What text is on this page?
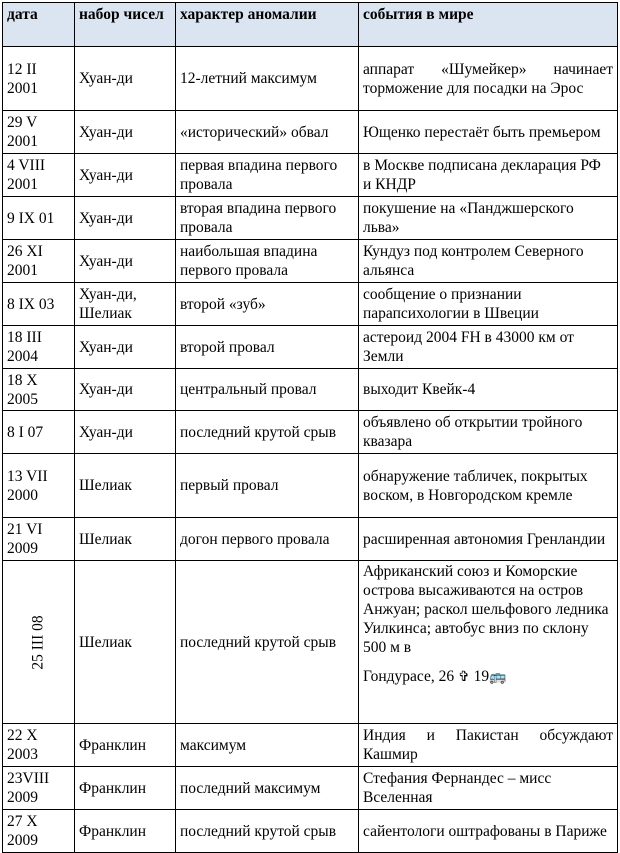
дата	набор чисел	характер аномалии	события в мире
12 II 2001	Хуан-ди	12-летний максимум	аппарат «Шумейкер» начинает торможение для посадки на Эрос
29 V 2001	Хуан-ди	«исторический» обвал	Ющенко перестаёт быть премьером
4 VIII 2001	Хуан-ди	первая впадина первого провала	в Москве подписана декларация РФ и КНДР
9 IX 01	Хуан-ди	вторая впадина первого провала	покушение на «Панджшерского льва»
26 XI 2001	Хуан-ди	наибольшая впадина первого провала	Кундуз под контролем Северного альянса
8 IX 03	Хуан-ди, Шелиак	второй «зуб»	сообщение о признании парапсихологии в Швеции
18 III 2004	Хуан-ди	второй провал	астероид 2004 FH в 43000 км от Земли
18 X 2005	Хуан-ди	центральный провал	выходит Квейк-4
8 I 07	Хуан-ди	последний крутой срыв	объявлено об открытии тройного квазара
13 VII 2000	Шелиак	первый провал	обнаружение табличек, покрытых воском, в Новгородском кремле
21 VI 2009	Шелиак	догон первого провала	расширенная автономия Гренландии
25 III 08	Шелиак	последний крутой срыв	Африканский союз и Коморские острова высаживаются на остров Анжуан; раскол шельфового ледника Уилкинса; автобус вниз по склону 500 м в
Гондурасе, 26 ✞ 19🚌

22 X 2003	Франклин	максимум	Индия и Пакистан обсуждают Кашмир
23VIII 2009	Франклин	последний максимум	Стефания Фернандес – мисс Вселенная
27 X 2009	Франклин	последний крутой срыв	сайентологи оштрафованы в Париже
